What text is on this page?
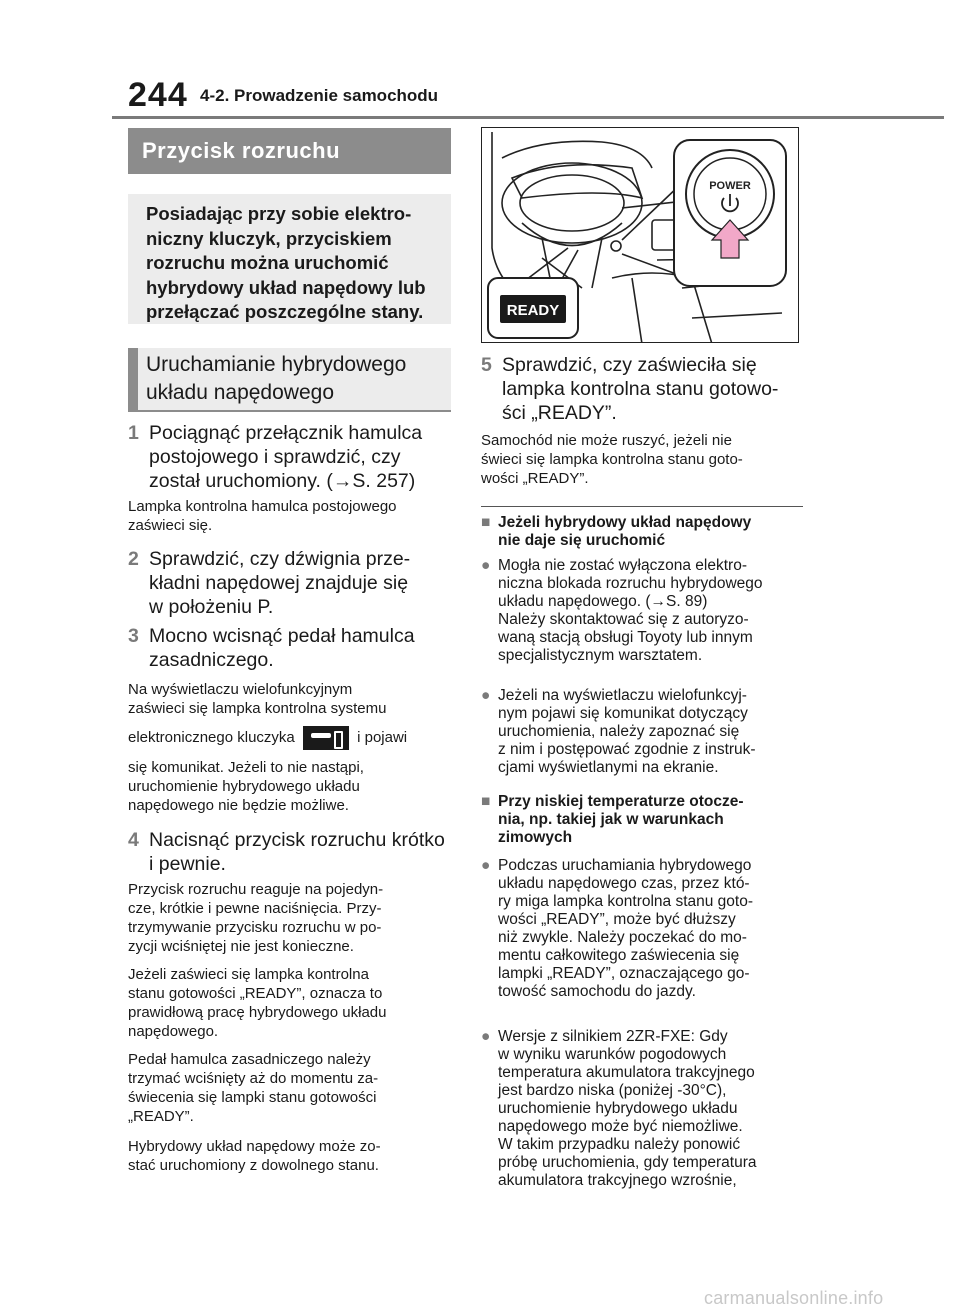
244 4-2. Prowadzenie samochodu
Przycisk rozruchu
Posiadając przy sobie elektro-
niczny kluczyk, przyciskiem
rozruchu można uruchomić
hybrydowy układ napędowy lub
przełączać poszczególne stany.
Uruchamianie hybrydowego
układu napędowego
1 Pociągnąć przełącznik hamulca
postojowego i sprawdzić, czy
został uruchomiony. (→S. 257)
Lampka kontrolna hamulca postojowego
zaświeci się.
2 Sprawdzić, czy dźwignia prze-
kładni napędowej znajduje się
w położeniu P.
3 Mocno wcisnąć pedał hamulca
zasadniczego.
Na wyświetlaczu wielofunkcyjnym
zaświeci się lampka kontrolna systemu
elektronicznego kluczyka	i pojawi
się komunikat. Jeżeli to nie nastąpi,
uruchomienie hybrydowego układu
napędowego nie będzie możliwe.
4 Nacisnąć przycisk rozruchu krótko
i pewnie.
Przycisk rozruchu reaguje na pojedyn-
cze, krótkie i pewne naciśnięcia. Przy-
trzymywanie przycisku rozruchu w po-
zycji wciśniętej nie jest konieczne.
Jeżeli zaświeci się lampka kontrolna
stanu gotowości „READY”, oznacza to
prawidłową pracę hybrydowego układu
napędowego.
Pedał hamulca zasadniczego należy
trzymać wciśnięty aż do momentu za-
świecenia się lampki stanu gotowości
„READY”.
Hybrydowy układ napędowy może zo-
stać uruchomiony z dowolnego stanu.
POWER
READY
5 Sprawdzić, czy zaświeciła się
lampka kontrolna stanu gotowo-
ści „READY”.
Samochód nie może ruszyć, jeżeli nie
świeci się lampka kontrolna stanu goto-
wości „READY”.
■ Jeżeli hybrydowy układ napędowy
nie daje się uruchomić
● Mogła nie zostać wyłączona elektro-
niczna blokada rozruchu hybrydowego
układu napędowego. (→S. 89)
Należy skontaktować się z autoryzo-
waną stacją obsługi Toyoty lub innym
specjalistycznym warsztatem.
● Jeżeli na wyświetlaczu wielofunkcyj-
nym pojawi się komunikat dotyczący
uruchomienia, należy zapoznać się
z nim i postępować zgodnie z instruk-
cjami wyświetlanymi na ekranie.
■ Przy niskiej temperaturze otocze-
nia, np. takiej jak w warunkach
zimowych
● Podczas uruchamiania hybrydowego
układu napędowego czas, przez któ-
ry miga lampka kontrolna stanu goto-
wości „READY”, może być dłuższy
niż zwykle. Należy poczekać do mo-
mentu całkowitego zaświecenia się
lampki „READY”, oznaczającego go-
towość samochodu do jazdy.
● Wersje z silnikiem 2ZR-FXE: Gdy
w wyniku warunków pogodowych
temperatura akumulatora trakcyjnego
jest bardzo niska (poniżej -30°C),
uruchomienie hybrydowego układu
napędowego może być niemożliwe.
W takim przypadku należy ponowić
próbę uruchomienia, gdy temperatura
akumulatora trakcyjnego wzrośnie,
carmanualsonline.info
